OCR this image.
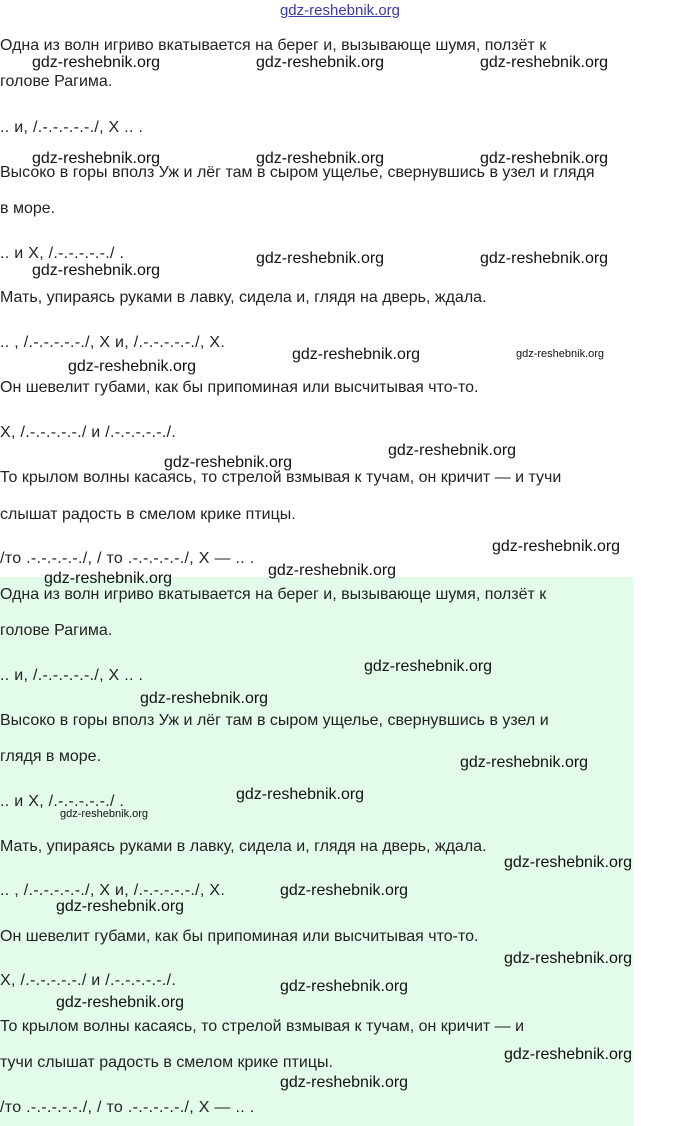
gdz-reshebnik.org

Одна из волн игриво вкатывается на берег и, вызывающе шумя, ползёт к

голове Рагима.

.. и, /.-.-.-.-.-./, X .. .

Высоко в горы вполз Уж и лёг там в сыром ущелье, свернувшись в узел и глядя

в море.

.. и X, /.-.-.-.-.-./ .

Мать, упираясь руками в лавку, сидела и, глядя на дверь, ждала.

.. , /.-.-.-.-.-./, X и, /.-.-.-.-.-./, X.

Он шевелит губами, как бы припоминая или высчитывая что-то.

X, /.-.-.-.-.-./ и /.-.-.-.-.-./.

То крылом волны касаясь, то стрелой взмывая к тучам, он кричит — и тучи

слышат радость в смелом крике птицы.

/то .-.-.-.-.-./, / то .-.-.-.-.-./, X — .. .

Одна из волн игриво вкатывается на берег и, вызывающе шумя, ползёт к

голове Рагима.

.. и, /.-.-.-.-.-./, X .. .

Высоко в горы вполз Уж и лёг там в сыром ущелье, свернувшись в узел и

глядя в море.

.. и X, /.-.-.-.-.-./ .

Мать, упираясь руками в лавку, сидела и, глядя на дверь, ждала.

.. , /.-.-.-.-.-./, X и, /.-.-.-.-.-./, X.

Он шевелит губами, как бы припоминая или высчитывая что-то.

X, /.-.-.-.-.-./ и /.-.-.-.-.-./.

То крылом волны касаясь, то стрелой взмывая к тучам, он кричит — и

тучи слышат радость в смелом крике птицы.

/то .-.-.-.-.-./, / то .-.-.-.-.-./, X — .. .

gdz-reshebnik.org	gdz-reshebnik.org	gdz-reshebnik.org
gdz-reshebnik.org	gdz-reshebnik.org	gdz-reshebnik.org
gdz-reshebnik.org	gdz-reshebnik.org
gdz-reshebnik.org
gdz-reshebnik.org	gdz-reshebnik.org
gdz-reshebnik.org
gdz-reshebnik.org
gdz-reshebnik.org
gdz-reshebnik.org
gdz-reshebnik.org
gdz-reshebnik.org
gdz-reshebnik.org
gdz-reshebnik.org
gdz-reshebnik.org
gdz-reshebnik.org
gdz-reshebnik.org
gdz-reshebnik.org
gdz-reshebnik.org
gdz-reshebnik.org
gdz-reshebnik.org
gdz-reshebnik.org
gdz-reshebnik.org
gdz-reshebnik.org
gdz-reshebnik.org
